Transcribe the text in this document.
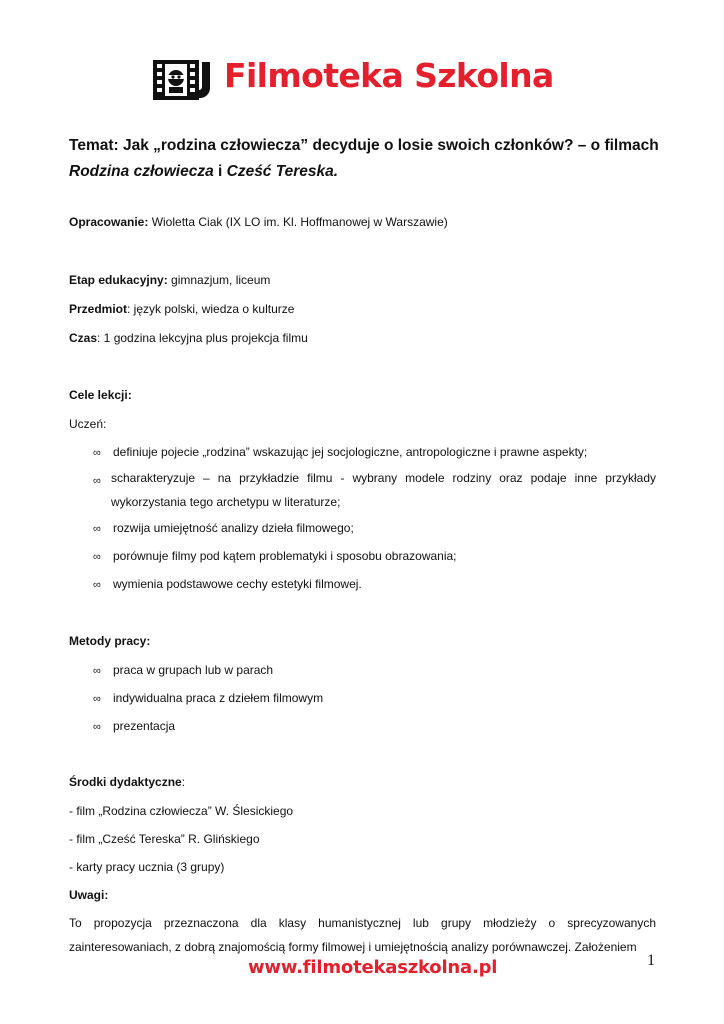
Filmoteka Szkolna
Temat: Jak „rodzina człowiecza” decyduje o losie swoich członków? – o filmach
Rodzina człowiecza i Cześć Tereska.
Opracowanie: Wioletta Ciak (IX LO im. Kl. Hoffmanowej w Warszawie)
Etap edukacyjny: gimnazjum, liceum
Przedmiot: język polski, wiedza o kulturze
Czas: 1 godzina lekcyjna plus projekcja filmu
Cele lekcji:
Uczeń:
∞ definiuje pojecie „rodzina” wskazując jej socjologiczne, antropologiczne i prawne aspekty;
∞ scharakteryzuje – na przykładzie filmu - wybrany modele rodziny oraz podaje inne przykłady wykorzystania tego archetypu w literaturze;
∞ rozwija umiejętność analizy dzieła filmowego;
∞ porównuje filmy pod kątem problematyki i sposobu obrazowania;
∞ wymienia podstawowe cechy estetyki filmowej.
Metody pracy:
∞ praca w grupach lub w parach
∞ indywidualna praca z dziełem filmowym
∞ prezentacja
Środki dydaktyczne:
- film „Rodzina człowiecza” W. Ślesickiego
- film „Cześć Tereska” R. Glińskiego
- karty pracy ucznia (3 grupy)
Uwagi:
To propozycja przeznaczona dla klasy humanistycznej lub grupy młodzieży o sprecyzowanych zainteresowaniach, z dobrą znajomością formy filmowej i umiejętnością analizy porównawczej. Założeniem
www.filmotekaszkolna.pl	1
